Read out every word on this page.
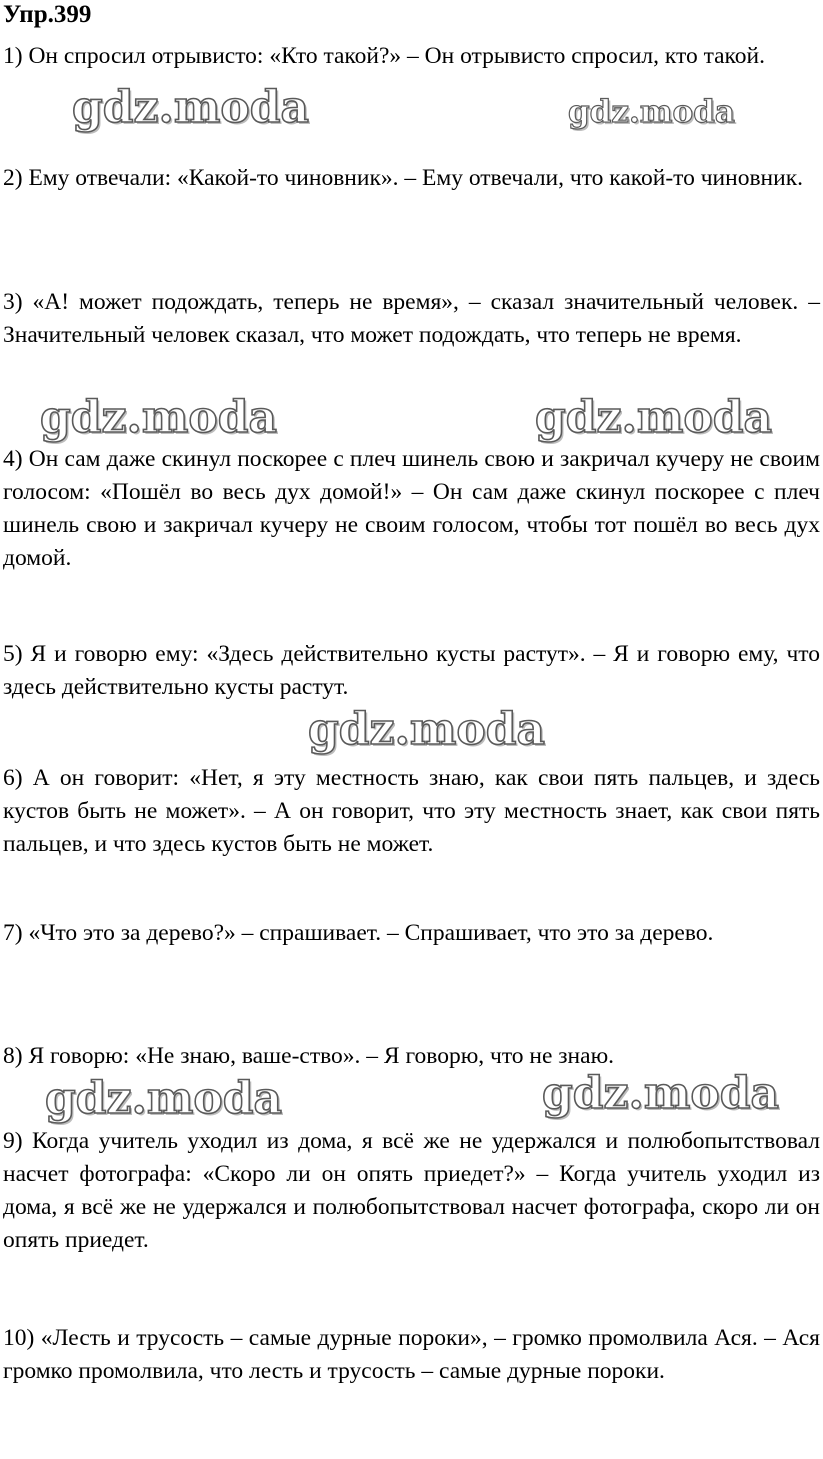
Упр.399

1) Он спросил отрывисто: «Кто такой?» – Он отрывисто спросил, кто такой.

2) Ему отвечали: «Какой-то чиновник». – Ему отвечали, что какой-то чиновник.

3) «А! может подождать, теперь не время», – сказал значительный человек. – Значительный человек сказал, что может подождать, что теперь не время.

4) Он сам даже скинул поскорее с плеч шинель свою и закричал кучеру не своим голосом: «Пошёл во весь дух домой!» – Он сам даже скинул поскорее с плеч шинель свою и закричал кучеру не своим голосом, чтобы тот пошёл во весь дух домой.

5) Я и говорю ему: «Здесь действительно кусты растут». – Я и говорю ему, что здесь действительно кусты растут.

6) А он говорит: «Нет, я эту местность знаю, как свои пять пальцев, и здесь кустов быть не может». – А он говорит, что эту местность знает, как свои пять пальцев, и что здесь кустов быть не может.

7) «Что это за дерево?» – спрашивает. – Спрашивает, что это за дерево.

8) Я говорю: «Не знаю, ваше-ство». – Я говорю, что не знаю.

9) Когда учитель уходил из дома, я всё же не удержался и полюбопытствовал насчет фотографа: «Скоро ли он опять приедет?» – Когда учитель уходил из дома, я всё же не удержался и полюбопытствовал насчет фотографа, скоро ли он опять приедет.

10) «Лесть и трусость – самые дурные пороки», – громко промолвила Ася. – Ася громко промолвила, что лесть и трусость – самые дурные пороки.

gdz.moda	gdz.moda
gdz.moda	gdz.moda
gdz.moda
gdz.moda	gdz.moda
